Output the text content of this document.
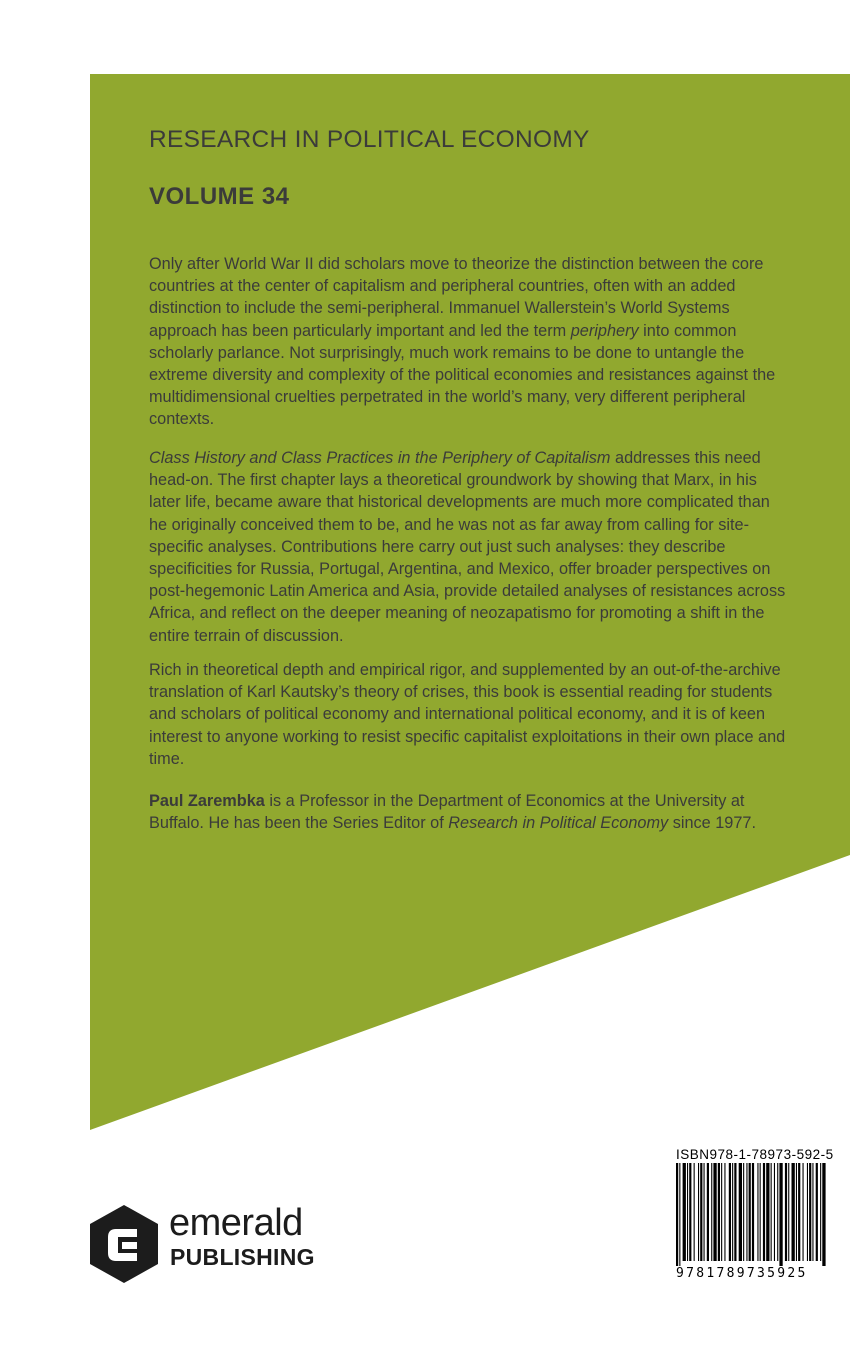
RESEARCH IN POLITICAL ECONOMY
VOLUME 34
Only after World War II did scholars move to theorize the distinction between the core countries at the center of capitalism and peripheral countries, often with an added distinction to include the semi-peripheral. Immanuel Wallerstein’s World Systems approach has been particularly important and led the term periphery into common scholarly parlance. Not surprisingly, much work remains to be done to untangle the extreme diversity and complexity of the political economies and resistances against the multidimensional cruelties perpetrated in the world’s many, very different peripheral contexts.
Class History and Class Practices in the Periphery of Capitalism addresses this need head-on. The first chapter lays a theoretical groundwork by showing that Marx, in his later life, became aware that historical developments are much more complicated than he originally conceived them to be, and he was not as far away from calling for site-specific analyses. Contributions here carry out just such analyses: they describe specificities for Russia, Portugal, Argentina, and Mexico, offer broader perspectives on post-hegemonic Latin America and Asia, provide detailed analyses of resistances across Africa, and reflect on the deeper meaning of neozapatismo for promoting a shift in the entire terrain of discussion.
Rich in theoretical depth and empirical rigor, and supplemented by an out-of-the-archive translation of Karl Kautsky’s theory of crises, this book is essential reading for students and scholars of political economy and international political economy, and it is of keen interest to anyone working to resist specific capitalist exploitations in their own place and time.
Paul Zarembka is a Professor in the Department of Economics at the University at Buffalo. He has been the Series Editor of Research in Political Economy since 1977.
ISBN978-1-78973-592-5
9781789735925
emerald
PUBLISHING
